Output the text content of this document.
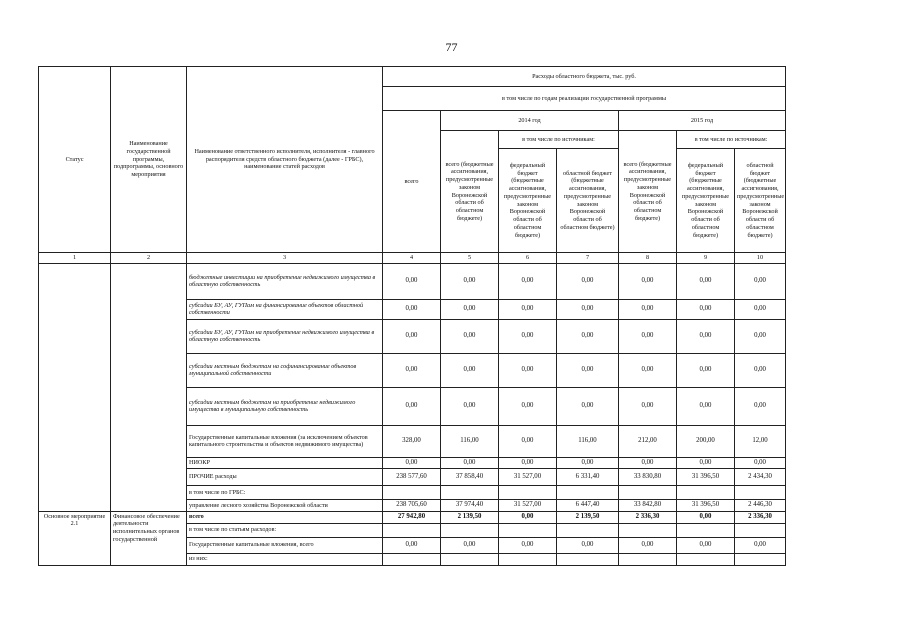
77
Статус	Наименование государственной программы, подпрограммы, основного мероприятия	Наименование ответственного исполнителя, исполнителя - главного распорядителя средств областного бюджета (далее - ГРБС), наименование статей расходов	Расходы областного бюджета, тыс. руб.						
			в том числе по годам реализации государственной программы						
			всего	2014 год			2015 год		
				всего (бюджетные ассигнования, предусмотренные законом Воронежской области об областном бюджете)	в том числе по источникам:		всего (бюджетные ассигнования, предусмотренные законом Воронежской области об областном бюджете)	в том числе по источникам:	
					федеральный бюджет (бюджетные ассигнования, предусмотренные законом Воронежской области об областном бюджете)	областной бюджет (бюджетные ассигнования, предусмотренные законом Воронежской области об областном бюджете)		федеральный бюджет (бюджетные ассигнования, предусмотренные законом Воронежской области об областном бюджете)	областной бюджет (бюджетные ассигнования, предусмотренные законом Воронежской области об областном бюджете)
1	2	3	4	5	6	7	8	9	10
		бюджетные инвестиции на приобретение недвижимого имущества в областную собственность	0,00	0,00	0,00	0,00	0,00	0,00	0,00
		субсидии БУ, АУ, ГУПам на финансирование объектов областной собственности	0,00	0,00	0,00	0,00	0,00	0,00	0,00
		субсидии БУ, АУ, ГУПам на приобретение недвижимого имущества в областную собственность	0,00	0,00	0,00	0,00	0,00	0,00	0,00
		субсидии местным бюджетам на софинансирование объектов муниципальной собственности	0,00	0,00	0,00	0,00	0,00	0,00	0,00
		субсидии местным бюджетам на приобретение недвижимого имущества в муниципальную собственность	0,00	0,00	0,00	0,00	0,00	0,00	0,00
		Государственные капитальные вложения (за исключением объектов капитального строительства и объектов недвижимого имущества)	328,00	116,00	0,00	116,00	212,00	200,00	12,00
		НИОКР	0,00	0,00	0,00	0,00	0,00	0,00	0,00
		ПРОЧИЕ расходы	238 577,60	37 858,40	31 527,00	6 331,40	33 830,80	31 396,50	2 434,30
		в том числе по ГРБС:							
		управление лесного хозяйства Воронежской области	238 705,60	37 974,40	31 527,00	6 447,40	33 842,80	31 396,50	2 446,30
Основное мероприятие 2.1	Финансовое обеспечение деятельности исполнительных органов государственной	всего	27 942,80	2 139,50	0,00	2 139,50	2 336,30	0,00	2 336,30
		в том числе по статьям расходов:							
		Государственные капитальные вложения, всего	0,00	0,00	0,00	0,00	0,00	0,00	0,00
		из них:							
